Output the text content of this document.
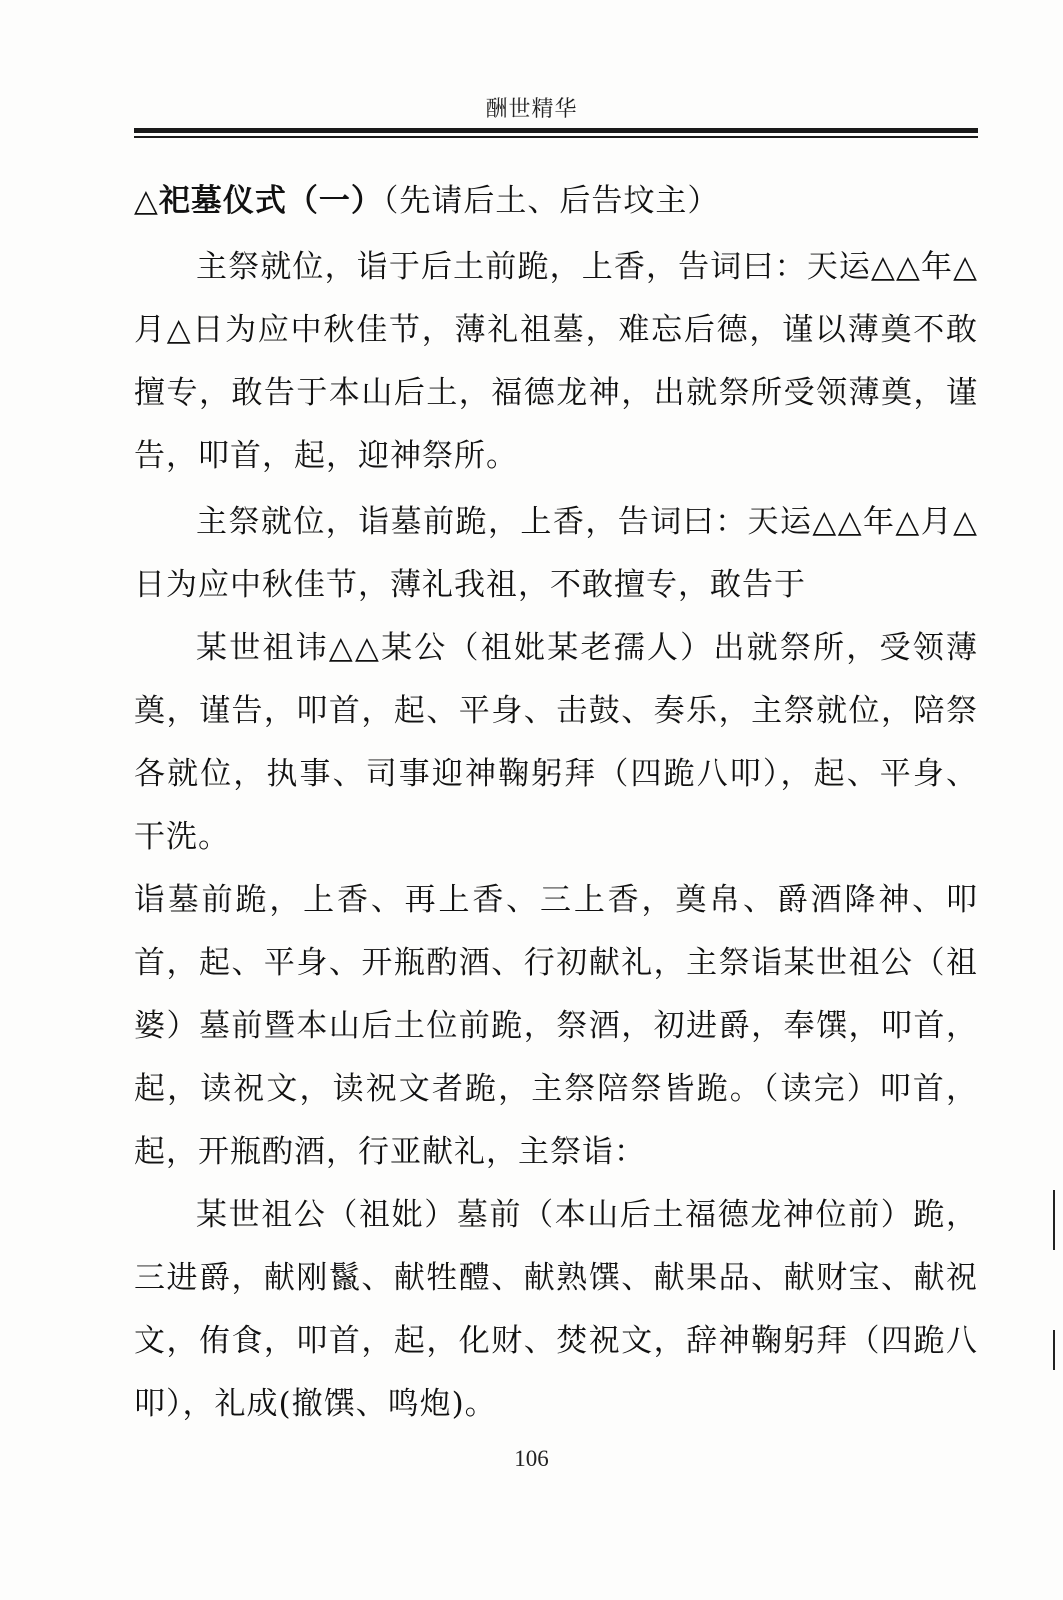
酬世精华
△祀墓仪式（一）（先请后土、后告坟主）

主祭就位，诣于后土前跪，上香，告词曰：天运△△年△月△日为应中秋佳节，薄礼祖墓，难忘后德，谨以薄奠不敢擅专，敢告于本山后土，福德龙神，出就祭所受领薄奠，谨告，叩首，起，迎神祭所。

主祭就位，诣墓前跪，上香，告词曰：天运△△年△月△日为应中秋佳节，薄礼我祖，不敢擅专，敢告于

某世祖讳△△某公（祖妣某老孺人）出就祭所，受领薄奠，谨告，叩首，起、平身、击鼓、奏乐，主祭就位，陪祭各就位，执事、司事迎神鞠躬拜（四跪八叩），起、平身、干洗。

诣墓前跪，上香、再上香、三上香，奠帛、爵酒降神、叩首，起、平身、开瓶酌酒、行初献礼，主祭诣某世祖公（祖婆）墓前暨本山后土位前跪，祭酒，初进爵，奉馔，叩首，起，读祝文，读祝文者跪，主祭陪祭皆跪。（读完）叩首，起，开瓶酌酒，行亚献礼，主祭诣：

某世祖公（祖妣）墓前（本山后土福德龙神位前）跪，三进爵，献刚鬣、献牲醴、献熟馔、献果品、献财宝、献祝文，侑食，叩首，起，化财、焚祝文，辞神鞠躬拜（四跪八叩），礼成(撤馔、鸣炮)。

106
